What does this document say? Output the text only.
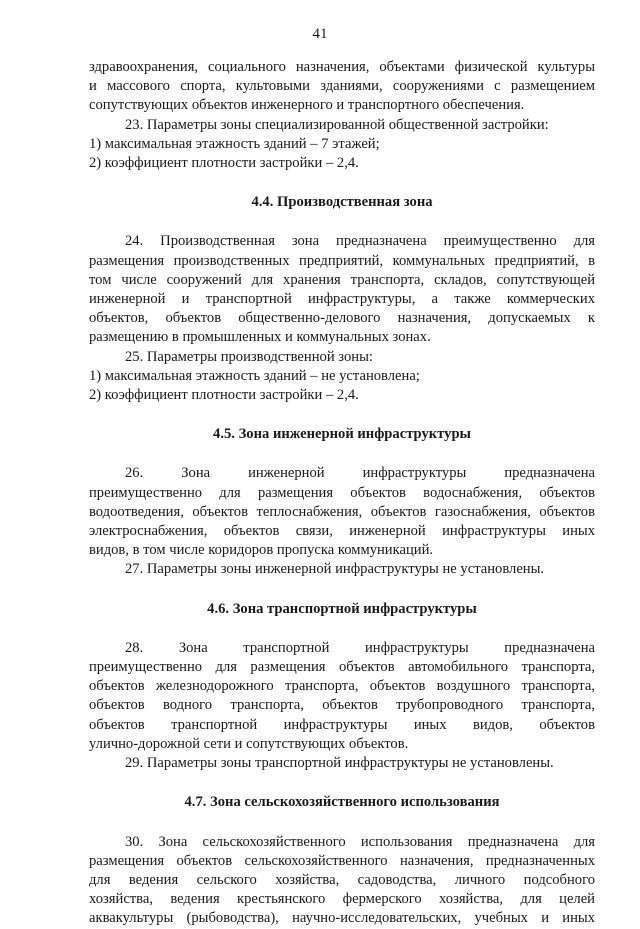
41

здравоохранения, социального назначения, объектами физической культуры

и массового спорта, культовыми зданиями, сооружениями с размещением

сопутствующих объектов инженерного и транспортного обеспечения.

23. Параметры зоны специализированной общественной застройки:

1) максимальная этажность зданий – 7 этажей;

2) коэффициент плотности застройки – 2,4.

4.4. Производственная зона

24. Производственная зона предназначена преимущественно для

размещения производственных предприятий, коммунальных предприятий, в

том числе сооружений для хранения транспорта, складов, сопутствующей

инженерной и транспортной инфраструктуры, а также коммерческих

объектов, объектов общественно-делового назначения, допускаемых к

размещению в промышленных и коммунальных зонах.

25. Параметры производственной зоны:

1) максимальная этажность зданий – не установлена;

2) коэффициент плотности застройки – 2,4.

4.5. Зона инженерной инфраструктуры

26. Зона инженерной инфраструктуры предназначена

преимущественно для размещения объектов водоснабжения, объектов

водоотведения, объектов теплоснабжения, объектов газоснабжения, объектов

электроснабжения, объектов связи, инженерной инфраструктуры иных

видов, в том числе коридоров пропуска коммуникаций.

27. Параметры зоны инженерной инфраструктуры не установлены.

4.6. Зона транспортной инфраструктуры

28. Зона транспортной инфраструктуры предназначена

преимущественно для размещения объектов автомобильного транспорта,

объектов железнодорожного транспорта, объектов воздушного транспорта,

объектов водного транспорта, объектов трубопроводного транспорта,

объектов транспортной инфраструктуры иных видов, объектов

улично-дорожной сети и сопутствующих объектов.

29. Параметры зоны транспортной инфраструктуры не установлены.

4.7. Зона сельскохозяйственного использования

30. Зона сельскохозяйственного использования предназначена для

размещения объектов сельскохозяйственного назначения, предназначенных

для ведения сельского хозяйства, садоводства, личного подсобного

хозяйства, ведения крестьянского фермерского хозяйства, для целей

аквакультуры (рыбоводства), научно-исследовательских, учебных и иных
